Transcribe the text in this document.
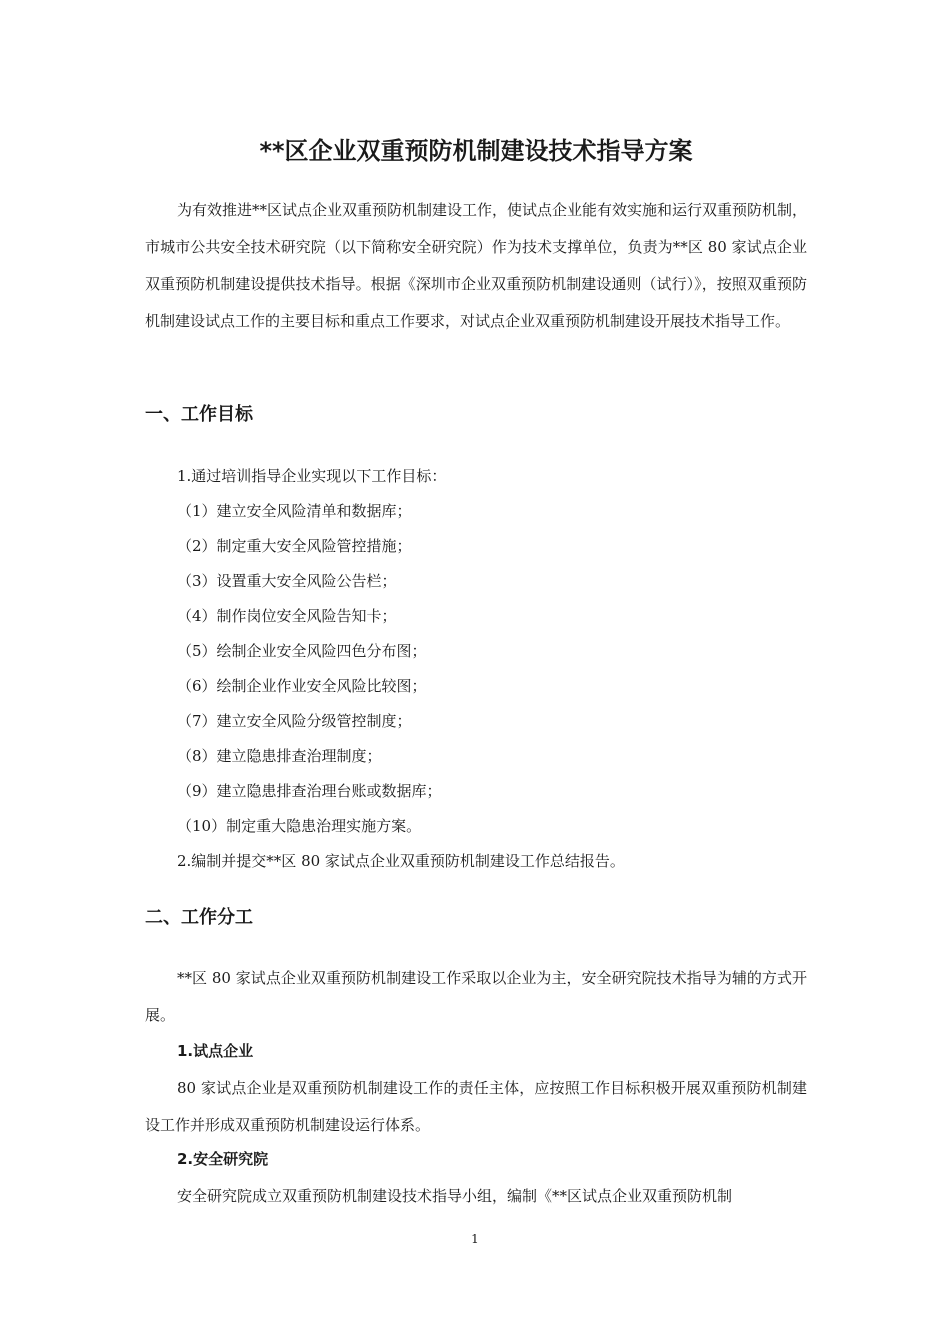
**区企业双重预防机制建设技术指导方案

为有效推进**区试点企业双重预防机制建设工作，使试点企业能有效实施和运行双重预防机制，市城市公共安全技术研究院（以下简称安全研究院）作为技术支撑单位，负责为**区 80 家试点企业双重预防机制建设提供技术指导。根据《深圳市企业双重预防机制建设通则（试行）》，按照双重预防机制建设试点工作的主要目标和重点工作要求，对试点企业双重预防机制建设开展技术指导工作。

一、工作目标

1.通过培训指导企业实现以下工作目标：

（1）建立安全风险清单和数据库；

（2）制定重大安全风险管控措施；

（3）设置重大安全风险公告栏；

（4）制作岗位安全风险告知卡；

（5）绘制企业安全风险四色分布图；

（6）绘制企业作业安全风险比较图；

（7）建立安全风险分级管控制度；

（8）建立隐患排查治理制度；

（9）建立隐患排查治理台账或数据库；

（10）制定重大隐患治理实施方案。

2.编制并提交**区 80 家试点企业双重预防机制建设工作总结报告。

二、工作分工

**区 80 家试点企业双重预防机制建设工作采取以企业为主，安全研究院技术指导为辅的方式开展。

1.试点企业

80 家试点企业是双重预防机制建设工作的责任主体，应按照工作目标积极开展双重预防机制建设工作并形成双重预防机制建设运行体系。

2.安全研究院

安全研究院成立双重预防机制建设技术指导小组，编制《**区试点企业双重预防机制

1
